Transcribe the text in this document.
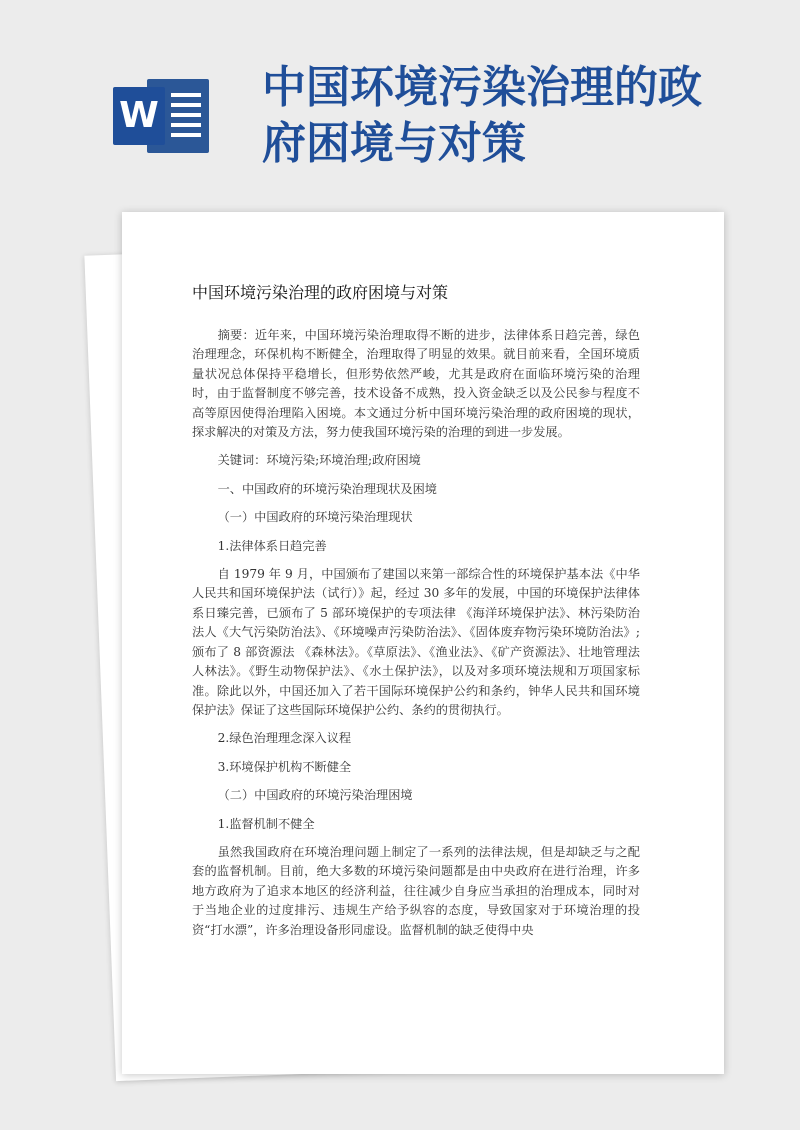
W
中国环境污染治理的政府困境与对策
中国环境污染治理的政府困境与对策

摘要：近年来，中国环境污染治理取得不断的进步，法律体系日趋完善，绿色治理理念，环保机构不断健全，治理取得了明显的效果。就目前来看，全国环境质量状况总体保持平稳增长，但形势依然严峻，尤其是政府在面临环境污染的治理时，由于监督制度不够完善，技术设备不成熟，投入资金缺乏以及公民参与程度不高等原因使得治理陷入困境。本文通过分析中国环境污染治理的政府困境的现状，探求解决的对策及方法，努力使我国环境污染的治理的到进一步发展。

关键词：环境污染;环境治理;政府困境

一、中国政府的环境污染治理现状及困境

（一）中国政府的环境污染治理现状

1.法律体系日趋完善

自 1979 年 9 月，中国颁布了建国以来第一部综合性的环境保护基本法《中华人民共和国环境保护法（试行）》起，经过 30 多年的发展，中国的环境保护法律体系日臻完善，已颁布了 5 部环境保护的专项法律 《海洋环境保护法》、林污染防治法人《大气污染防治法》、《环境噪声污染防治法》、《固体废弃物污染环境防治法》;颁布了 8 部资源法 《森林法》。《草原法》、《渔业法》、《矿产资源法》、壮地管理法人林法》。《野生动物保护法》、《水土保护法》，以及对多项环境法规和万项国家标准。除此以外，中国还加入了若干国际环境保护公约和条约，钟华人民共和国环境保护法》保证了这些国际环境保护公约、条约的贯彻执行。

2.绿色治理理念深入议程

3.环境保护机构不断健全

（二）中国政府的环境污染治理困境

1.监督机制不健全

虽然我国政府在环境治理问题上制定了一系列的法律法规，但是却缺乏与之配套的监督机制。目前，绝大多数的环境污染问题都是由中央政府在进行治理，许多地方政府为了追求本地区的经济利益，往往减少自身应当承担的治理成本，同时对于当地企业的过度排污、违规生产给予纵容的态度，导致国家对于环境治理的投资“打水漂”，许多治理设备形同虚设。监督机制的缺乏使得中央
